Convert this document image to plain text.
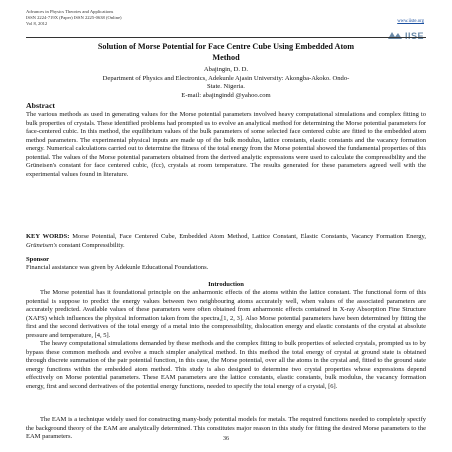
Advances in Physics Theories and Applications
ISSN 2224-719X (Paper) ISSN 2225-0638 (Online)
Vol 8, 2012	www.iiste.org
IISE
Solution of Morse Potential for Face Centre Cube Using Embedded Atom
Method
Abajingin, D. D.
Department of Physics and Electronics, Adekunle Ajasin University: Akongba-Akoko. Ondo-
State. Nigeria.
E-mail: abajingindd @yahoo.com
Abstract
The various methods as used in generating values for the Morse potential parameters involved heavy computational simulations and complex fitting to bulk properties of crystals. These identified problems had prompted us to evolve an analytical method for determining the Morse potential parameters for face-centered cubic. In this method, the equilibrium values of the bulk parameters of some selected face centered cubic are fitted to the embedded atom method parameters. The experimental physical inputs are made up of the bulk modulus, lattice constants, elastic constants and the vacancy formation energy. Numerical calculations carried out to determine the fitness of the total energy from the Morse potential showed the fundamental properties of this potential. The values of the Morse potential parameters obtained from the derived analytic expressions were used to calculate the compressibility and the Grüneisen's constant for face centered cubic, (fcc), crystals at room temperature. The results generated for these parameters agreed well with the experimental values found in literature.
KEY WORDS: Morse Potential, Face Centered Cube, Embedded Atom Method, Lattice Constant, Elastic Constants, Vacancy Formation Energy, Grüneisen's constant Compressibility.
Sponsor
Financial assistance was given by Adekunle Educational Foundations.
Introduction
The Morse potential has it foundational principle on the anharmonic effects of the atoms within the lattice constant. The functional form of this potential is suppose to predict the energy values between two neighbouring atoms accurately well, when values of the associated parameters are accurately predicted. Available values of these parameters were often obtained from anharmonic effects contained in X-ray Absorption Fine Structure (XAFS) which influences the physical information taken from the spectra,[1, 2, 3]. Also Morse potential parameters have been determined by fitting the first and the second derivatives of the total energy of a metal into the compressibility, dislocation energy and elastic constants of the crystal at absolute pressure and temperature, [4, 5].
The heavy computational simulations demanded by these methods and the complex fitting to bulk properties of selected crystals, prompted us to by bypass these common methods and evolve a much simpler analytical method. In this method the total energy of crystal at ground state is obtained through discrete summation of the pair potential function, in this case, the Morse potential, over all the atoms in the crystal and, fitted to the ground state energy functions within the embedded atom method. This study is also designed to determine two crystal properties whose expressions depend effectively on Morse potential parameters. These EAM parameters are the lattice constants, elastic constants, bulk modulus, the vacancy formation energy, first and second derivatives of the potential energy functions, needed to specify the total energy of a crystal, [6].
The EAM is a technique widely used for constructing many-body potential models for metals. The required functions needed to completely specify the background theory of the EAM are analytically determined. This constitutes major reason in this study for fitting the desired Morse parameters to the EAM parameters.	36
